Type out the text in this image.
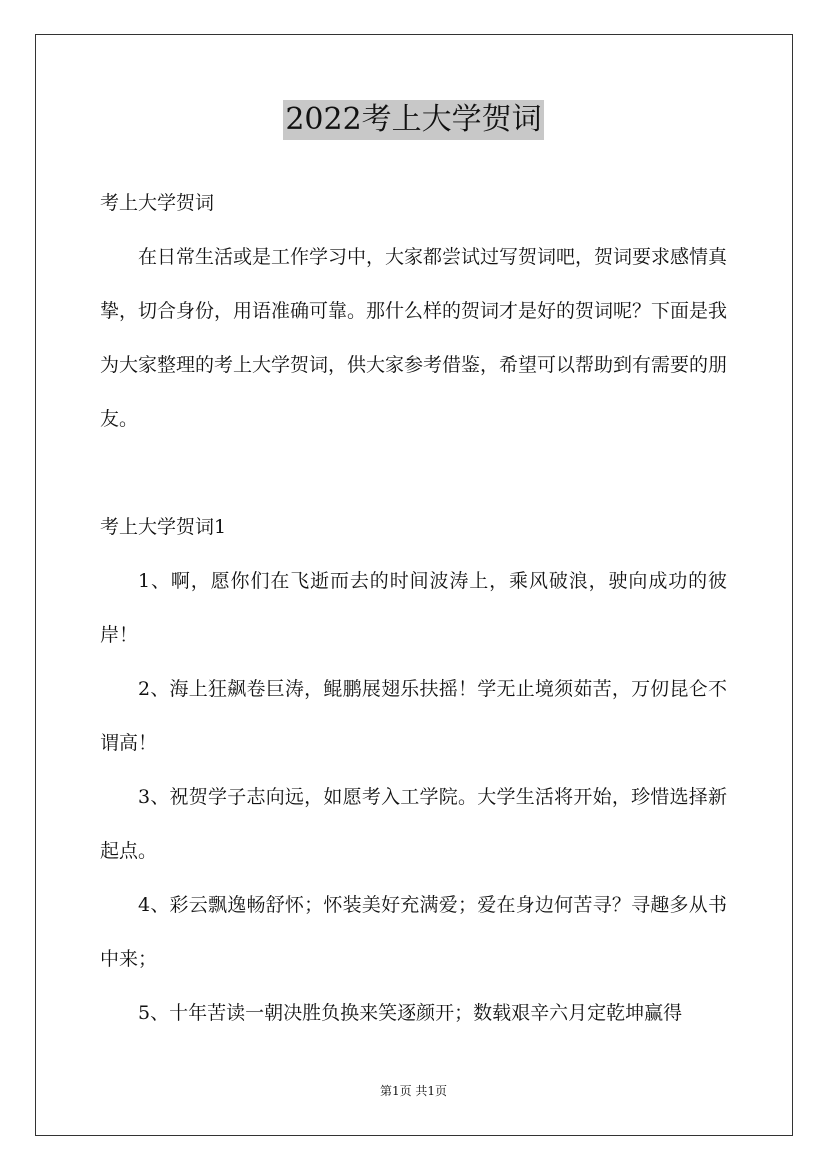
2022考上大学贺词

考上大学贺词

在日常生活或是工作学习中，大家都尝试过写贺词吧，贺词要求感情真挚，切合身份，用语准确可靠。那什么样的贺词才是好的贺词呢？下面是我为大家整理的考上大学贺词，供大家参考借鉴，希望可以帮助到有需要的朋友。

考上大学贺词1

1、啊，愿你们在飞逝而去的时间波涛上，乘风破浪，驶向成功的彼岸！

2、海上狂飙卷巨涛，鲲鹏展翅乐扶摇！学无止境须茹苦，万仞昆仑不谓高！

3、祝贺学子志向远，如愿考入工学院。大学生活将开始，珍惜选择新起点。

4、彩云飘逸畅舒怀；怀装美好充满爱；爱在身边何苦寻？寻趣多从书中来；

5、十年苦读一朝决胜负换来笑逐颜开；数载艰辛六月定乾坤赢得

第1页 共1页
